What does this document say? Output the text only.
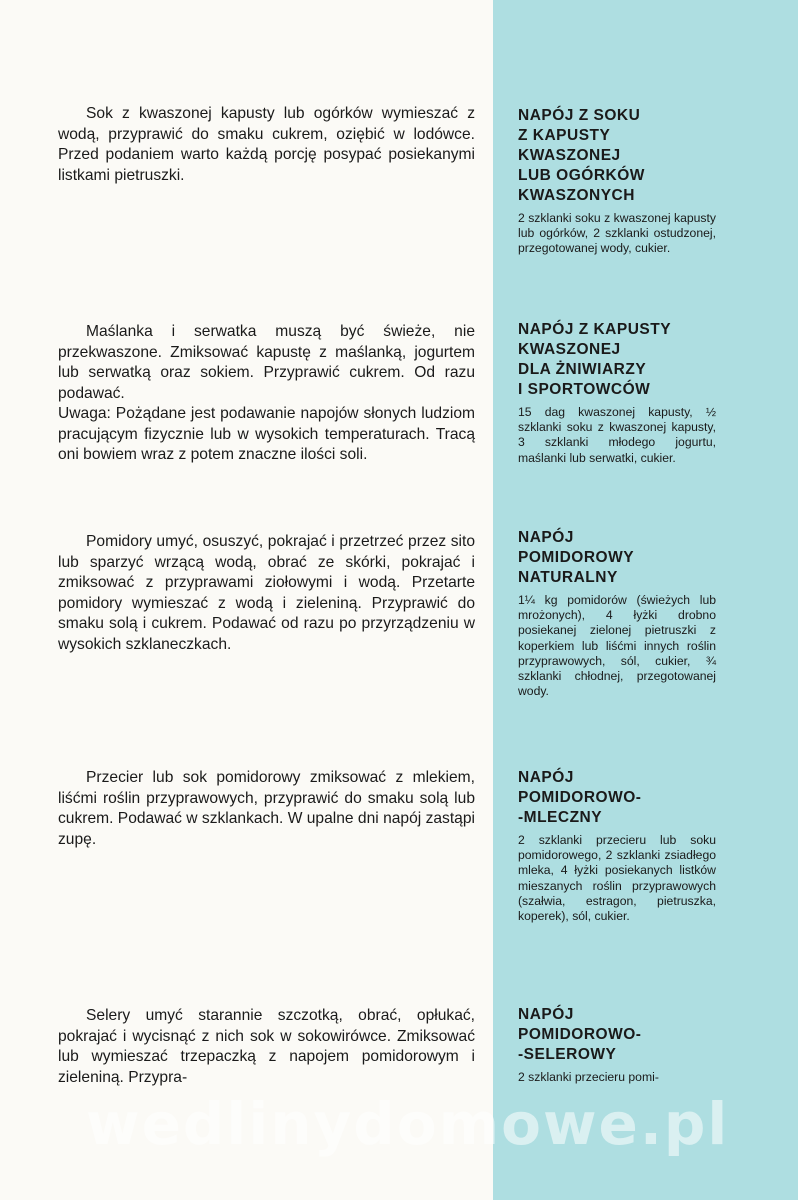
Sok z kwaszonej kapusty lub ogórków wymieszać z wodą, przyprawić do smaku cukrem, oziębić w lodówce. Przed podaniem warto każdą porcję posypać posiekanymi listkami pietruszki.

NAPÓJ Z SOKU
Z KAPUSTY
KWASZONEJ
LUB OGÓRKÓW
KWASZONYCH

2 szklanki soku z kwaszonej kapusty lub ogórków, 2 szklanki ostudzonej, przegotowanej wody, cukier.

Maślanka i serwatka muszą być świeże, nie przekwaszone. Zmiksować kapustę z maślanką, jogurtem lub serwatką oraz sokiem. Przyprawić cukrem. Od razu podawać.

Uwaga: Pożądane jest podawanie napojów słonych ludziom pracującym fizycznie lub w wysokich temperaturach. Tracą oni bowiem wraz z potem znaczne ilości soli.

NAPÓJ Z KAPUSTY
KWASZONEJ
DLA ŻNIWIARZY
I SPORTOWCÓW

15 dag kwaszonej kapusty, ½ szklanki soku z kwaszonej kapusty, 3 szklanki młodego jogurtu, maślanki lub serwatki, cukier.

Pomidory umyć, osuszyć, pokrajać i przetrzeć przez sito lub sparzyć wrzącą wodą, obrać ze skórki, pokrajać i zmiksować z przyprawami ziołowymi i wodą. Przetarte pomidory wymieszać z wodą i zieleniną. Przyprawić do smaku solą i cukrem. Podawać od razu po przyrządzeniu w wysokich szklaneczkach.

NAPÓJ
POMIDOROWY
NATURALNY

1¼ kg pomidorów (świeżych lub mrożonych), 4 łyżki drobno posiekanej zielonej pietruszki z koperkiem lub liśćmi innych roślin przyprawowych, sól, cukier, ¾ szklanki chłodnej, przegotowanej wody.

Przecier lub sok pomidorowy zmiksować z mlekiem, liśćmi roślin przyprawowych, przyprawić do smaku solą lub cukrem. Podawać w szklankach. W upalne dni napój zastąpi zupę.

NAPÓJ
POMIDOROWO-
-MLECZNY

2 szklanki przecieru lub soku pomidorowego, 2 szklanki zsiadłego mleka, 4 łyżki posiekanych listków mieszanych roślin przyprawowych (szałwia, estragon, pietruszka, koperek), sól, cukier.

Selery umyć starannie szczotką, obrać, opłukać, pokrajać i wycisnąć z nich sok w sokowirówce. Zmiksować lub wymieszać trzepaczką z napojem pomidorowym i zieleniną. Przypra-

NAPÓJ
POMIDOROWO-
-SELEROWY

2 szklanki przecieru pomi-

wedlinydomowe.pl
